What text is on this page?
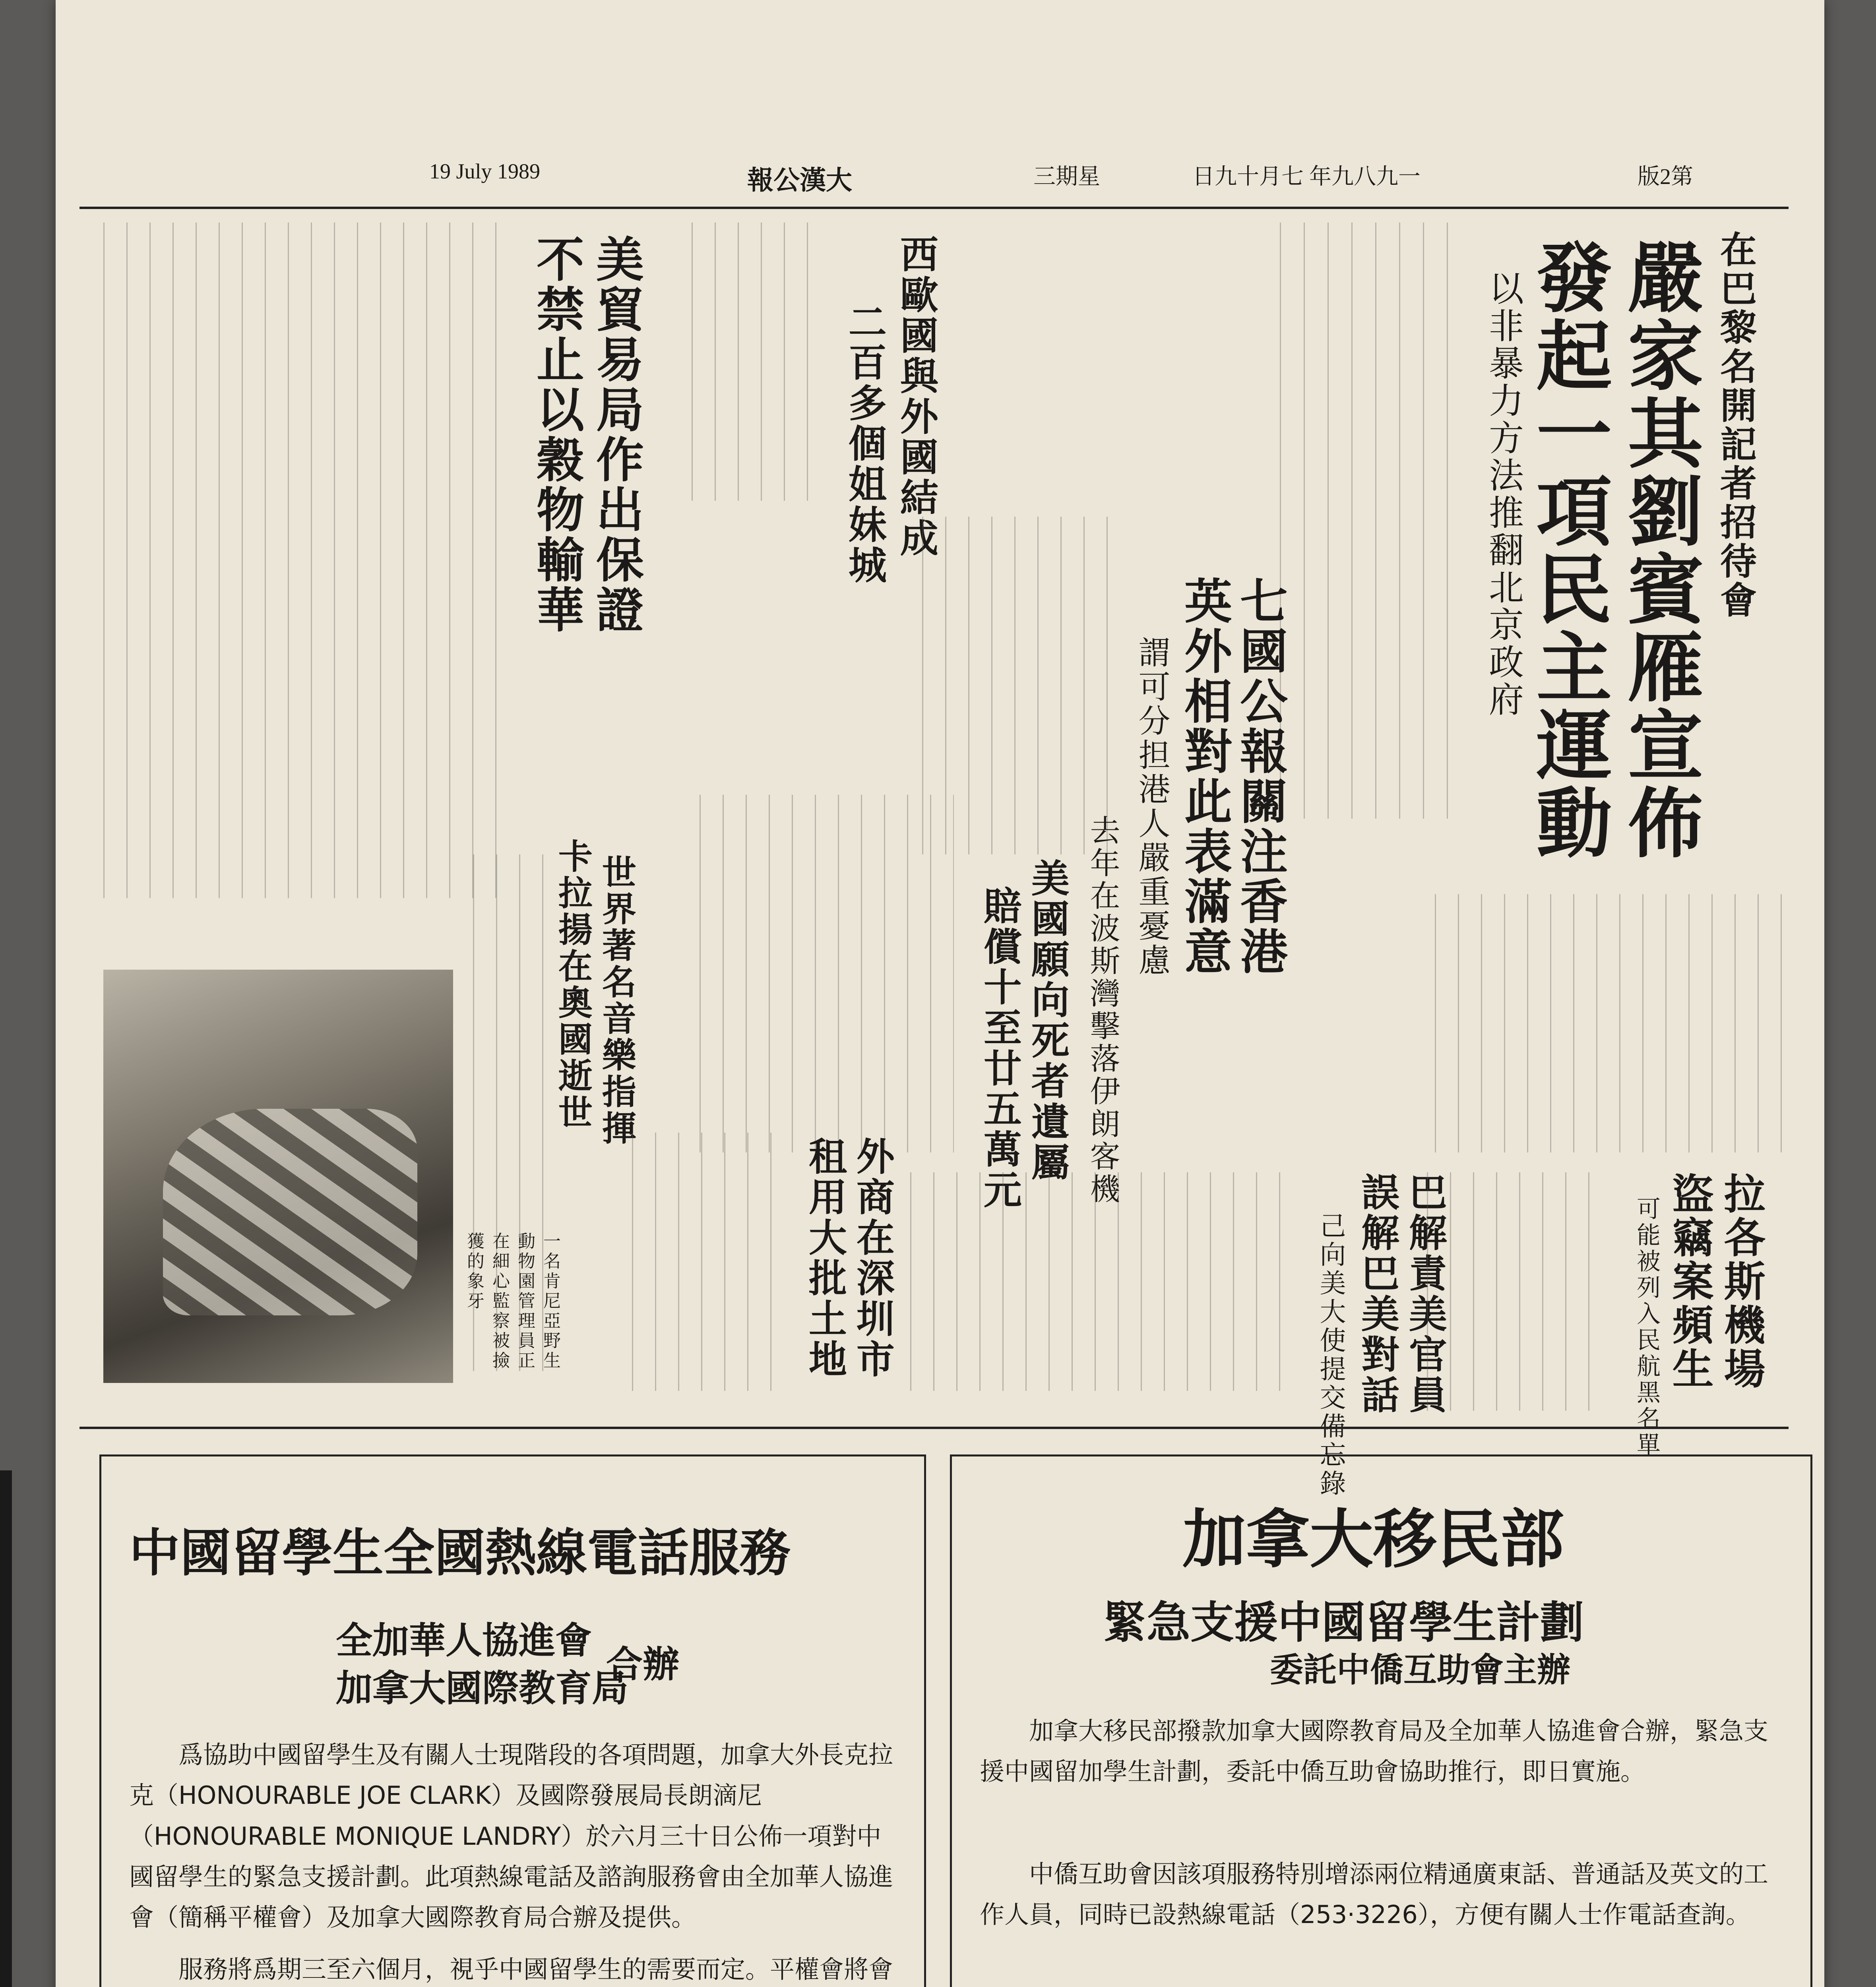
19 July 1989	報公漢大	三期星	日九十月七 年九八九一	版2第
在巴黎名開記者招待會
嚴家其劉賓雁宣佈
發起一項民主運動
以非暴力方法推翻北京政府
西歐國與外國結成
二百多個姐妹城
美貿易局作出保證
不禁止以穀物輸華
七國公報關注香港
英外相對此表滿意
謂可分担港人嚴重憂慮
美國願向死者遺屬
賠償十至廿五萬元 去年在波斯灣擊落伊朗客機
世界著名音樂指揮
卡拉揚在奧國逝世
外商在深圳市
租用大批土地	巴解責美官員
誤解巴美對話
己向美大使提交備忘錄	拉各斯機場
盜竊案頻生
可能被列入民航黑名單
一名肯尼亞野生動物園管理員正在細心監察被撿獲的象牙
中國留學生全國熱線電話服務
全加華人協進會
加拿大國際教育局
合辦
爲協助中國留學生及有關人士現階段的各項問題，加拿大外長克拉克（HONOURABLE JOE CLARK）及國際發展局長朗滴尼（HONOURABLE MONIQUE LANDRY）於六月三十日公佈一項對中國留學生的緊急支援計劃。此項熱線電話及諮詢服務會由全加華人協進會（簡稱平權會）及加拿大國際教育局合辦及提供。
服務將爲期三至六個月，視乎中國留學生的需要而定。平權會將會
加拿大移民部
緊急支援中國留學生計劃
委託中僑互助會主辦
加拿大移民部撥款加拿大國際教育局及全加華人協進會合辦，緊急支援中國留加學生計劃，委託中僑互助會協助推行，即日實施。
中僑互助會因該項服務特別增添兩位精通廣東話、普通話及英文的工作人員，同時已設熱線電話（253·3226），方便有關人士作電話查詢。
